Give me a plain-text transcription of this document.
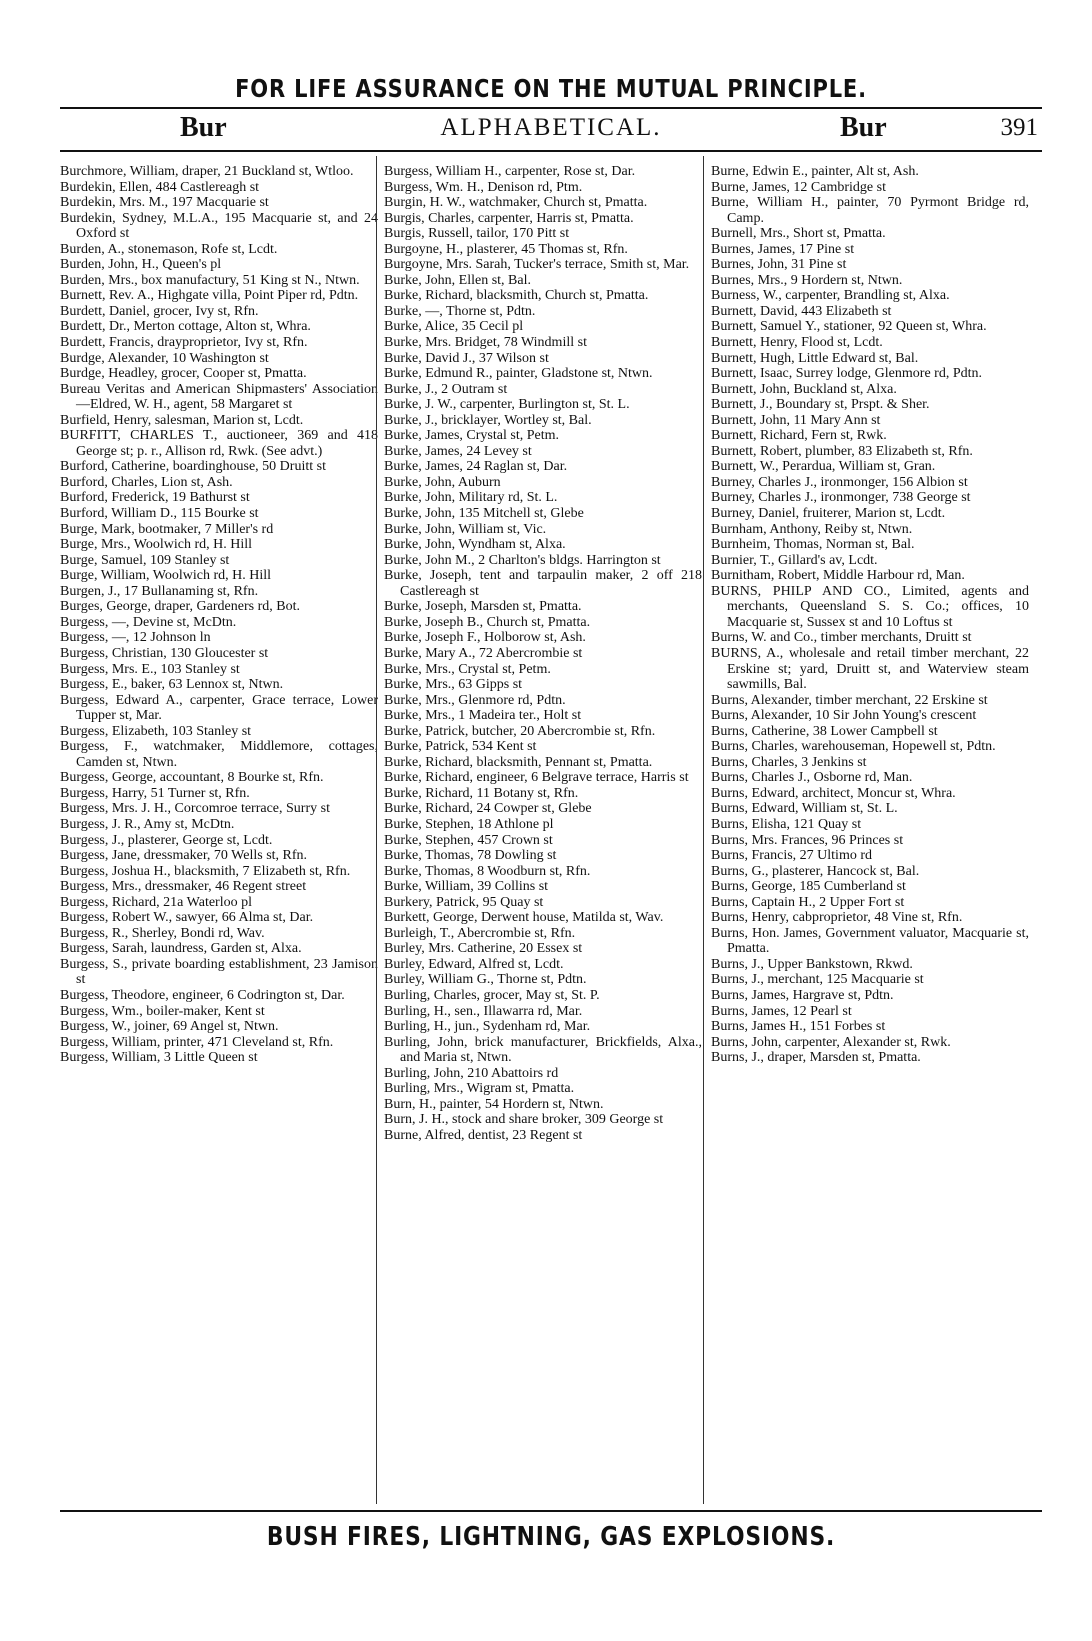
FOR LIFE ASSURANCE ON THE MUTUAL PRINCIPLE.
Bur	ALPHABETICAL.	Bur	391

Burchmore, William, draper, 21 Buckland st, Wtloo.

Burdekin, Ellen, 484 Castlereagh st

Burdekin, Mrs. M., 197 Macquarie st

Burdekin, Sydney, M.L.A., 195 Macquarie st, and 24 Oxford st

Burden, A., stonemason, Rofe st, Lcdt.

Burden, John, H., Queen's pl

Burden, Mrs., box manufactury, 51 King st N., Ntwn.

Burnett, Rev. A., Highgate villa, Point Piper rd, Pdtn.

Burdett, Daniel, grocer, Ivy st, Rfn.

Burdett, Dr., Merton cottage, Alton st, Whra.

Burdett, Francis, drayproprietor, Ivy st, Rfn.

Burdge, Alexander, 10 Washington st

Burdge, Headley, grocer, Cooper st, Pmatta.

Bureau Veritas and American Shipmasters' Association—Eldred, W. H., agent, 58 Margaret st

Burfield, Henry, salesman, Marion st, Lcdt.

BURFITT, CHARLES T., auctioneer, 369 and 418 George st; p. r., Allison rd, Rwk. (See advt.)

Burford, Catherine, boardinghouse, 50 Druitt st

Burford, Charles, Lion st, Ash.

Burford, Frederick, 19 Bathurst st

Burford, William D., 115 Bourke st

Burge, Mark, bootmaker, 7 Miller's rd

Burge, Mrs., Woolwich rd, H. Hill

Burge, Samuel, 109 Stanley st

Burge, William, Woolwich rd, H. Hill

Burgen, J., 17 Bullanaming st, Rfn.

Burges, George, draper, Gardeners rd, Bot.

Burgess, —, Devine st, McDtn.

Burgess, —, 12 Johnson ln

Burgess, Christian, 130 Gloucester st

Burgess, Mrs. E., 103 Stanley st

Burgess, E., baker, 63 Lennox st, Ntwn.

Burgess, Edward A., carpenter, Grace terrace, Lower Tupper st, Mar.

Burgess, Elizabeth, 103 Stanley st

Burgess, F., watchmaker, Middlemore, cottages, Camden st, Ntwn.

Burgess, George, accountant, 8 Bourke st, Rfn.

Burgess, Harry, 51 Turner st, Rfn.

Burgess, Mrs. J. H., Corcomroe terrace, Surry st

Burgess, J. R., Amy st, McDtn.

Burgess, J., plasterer, George st, Lcdt.

Burgess, Jane, dressmaker, 70 Wells st, Rfn.

Burgess, Joshua H., blacksmith, 7 Elizabeth st, Rfn.

Burgess, Mrs., dressmaker, 46 Regent street

Burgess, Richard, 21a Waterloo pl

Burgess, Robert W., sawyer, 66 Alma st, Dar.

Burgess, R., Sherley, Bondi rd, Wav.

Burgess, Sarah, laundress, Garden st, Alxa.

Burgess, S., private boarding establishment, 23 Jamison st

Burgess, Theodore, engineer, 6 Codrington st, Dar.

Burgess, Wm., boiler-maker, Kent st

Burgess, W., joiner, 69 Angel st, Ntwn.

Burgess, William, printer, 471 Cleveland st, Rfn.

Burgess, William, 3 Little Queen st

Burgess, William H., carpenter, Rose st, Dar.

Burgess, Wm. H., Denison rd, Ptm.

Burgin, H. W., watchmaker, Church st, Pmatta.

Burgis, Charles, carpenter, Harris st, Pmatta.

Burgis, Russell, tailor, 170 Pitt st

Burgoyne, H., plasterer, 45 Thomas st, Rfn.

Burgoyne, Mrs. Sarah, Tucker's terrace, Smith st, Mar.

Burke, John, Ellen st, Bal.

Burke, Richard, blacksmith, Church st, Pmatta.

Burke, —, Thorne st, Pdtn.

Burke, Alice, 35 Cecil pl

Burke, Mrs. Bridget, 78 Windmill st

Burke, David J., 37 Wilson st

Burke, Edmund R., painter, Gladstone st, Ntwn.

Burke, J., 2 Outram st

Burke, J. W., carpenter, Burlington st, St. L.

Burke, J., bricklayer, Wortley st, Bal.

Burke, James, Crystal st, Petm.

Burke, James, 24 Levey st

Burke, James, 24 Raglan st, Dar.

Burke, John, Auburn

Burke, John, Military rd, St. L.

Burke, John, 135 Mitchell st, Glebe

Burke, John, William st, Vic.

Burke, John, Wyndham st, Alxa.

Burke, John M., 2 Charlton's bldgs. Harrington st

Burke, Joseph, tent and tarpaulin maker, 2 off 218 Castlereagh st

Burke, Joseph, Marsden st, Pmatta.

Burke, Joseph B., Church st, Pmatta.

Burke, Joseph F., Holborow st, Ash.

Burke, Mary A., 72 Abercrombie st

Burke, Mrs., Crystal st, Petm.

Burke, Mrs., 63 Gipps st

Burke, Mrs., Glenmore rd, Pdtn.

Burke, Mrs., 1 Madeira ter., Holt st

Burke, Patrick, butcher, 20 Abercrombie st, Rfn.

Burke, Patrick, 534 Kent st

Burke, Richard, blacksmith, Pennant st, Pmatta.

Burke, Richard, engineer, 6 Belgrave terrace, Harris st

Burke, Richard, 11 Botany st, Rfn.

Burke, Richard, 24 Cowper st, Glebe

Burke, Stephen, 18 Athlone pl

Burke, Stephen, 457 Crown st

Burke, Thomas, 78 Dowling st

Burke, Thomas, 8 Woodburn st, Rfn.

Burke, William, 39 Collins st

Burkery, Patrick, 95 Quay st

Burkett, George, Derwent house, Matilda st, Wav.

Burleigh, T., Abercrombie st, Rfn.

Burley, Mrs. Catherine, 20 Essex st

Burley, Edward, Alfred st, Lcdt.

Burley, William G., Thorne st, Pdtn.

Burling, Charles, grocer, May st, St. P.

Burling, H., sen., Illawarra rd, Mar.

Burling, H., jun., Sydenham rd, Mar.

Burling, John, brick manufacturer, Brickfields, Alxa., and Maria st, Ntwn.

Burling, John, 210 Abattoirs rd

Burling, Mrs., Wigram st, Pmatta.

Burn, H., painter, 54 Hordern st, Ntwn.

Burn, J. H., stock and share broker, 309 George st

Burne, Alfred, dentist, 23 Regent st

Burne, Edwin E., painter, Alt st, Ash.

Burne, James, 12 Cambridge st

Burne, William H., painter, 70 Pyrmont Bridge rd, Camp.

Burnell, Mrs., Short st, Pmatta.

Burnes, James, 17 Pine st

Burnes, John, 31 Pine st

Burnes, Mrs., 9 Hordern st, Ntwn.

Burness, W., carpenter, Brandling st, Alxa.

Burnett, David, 443 Elizabeth st

Burnett, Samuel Y., stationer, 92 Queen st, Whra.

Burnett, Henry, Flood st, Lcdt.

Burnett, Hugh, Little Edward st, Bal.

Burnett, Isaac, Surrey lodge, Glenmore rd, Pdtn.

Burnett, John, Buckland st, Alxa.

Burnett, J., Boundary st, Prspt. & Sher.

Burnett, John, 11 Mary Ann st

Burnett, Richard, Fern st, Rwk.

Burnett, Robert, plumber, 83 Elizabeth st, Rfn.

Burnett, W., Perardua, William st, Gran.

Burney, Charles J., ironmonger, 156 Albion st

Burney, Charles J., ironmonger, 738 George st

Burney, Daniel, fruiterer, Marion st, Lcdt.

Burnham, Anthony, Reiby st, Ntwn.

Burnheim, Thomas, Norman st, Bal.

Burnier, T., Gillard's av, Lcdt.

Burnitham, Robert, Middle Harbour rd, Man.

BURNS, PHILP AND CO., Limited, agents and merchants, Queensland S. S. Co.; offices, 10 Macquarie st, Sussex st and 10 Loftus st

Burns, W. and Co., timber merchants, Druitt st

BURNS, A., wholesale and retail timber merchant, 22 Erskine st; yard, Druitt st, and Waterview steam sawmills, Bal.

Burns, Alexander, timber merchant, 22 Erskine st

Burns, Alexander, 10 Sir John Young's crescent

Burns, Catherine, 38 Lower Campbell st

Burns, Charles, warehouseman, Hopewell st, Pdtn.

Burns, Charles, 3 Jenkins st

Burns, Charles J., Osborne rd, Man.

Burns, Edward, architect, Moncur st, Whra.

Burns, Edward, William st, St. L.

Burns, Elisha, 121 Quay st

Burns, Mrs. Frances, 96 Princes st

Burns, Francis, 27 Ultimo rd

Burns, G., plasterer, Hancock st, Bal.

Burns, George, 185 Cumberland st

Burns, Captain H., 2 Upper Fort st

Burns, Henry, cabproprietor, 48 Vine st, Rfn.

Burns, Hon. James, Government valuator, Macquarie st, Pmatta.

Burns, J., Upper Bankstown, Rkwd.

Burns, J., merchant, 125 Macquarie st

Burns, James, Hargrave st, Pdtn.

Burns, James, 12 Pearl st

Burns, James H., 151 Forbes st

Burns, John, carpenter, Alexander st, Rwk.

Burns, J., draper, Marsden st, Pmatta.

BUSH FIRES, LIGHTNING, GAS EXPLOSIONS.
